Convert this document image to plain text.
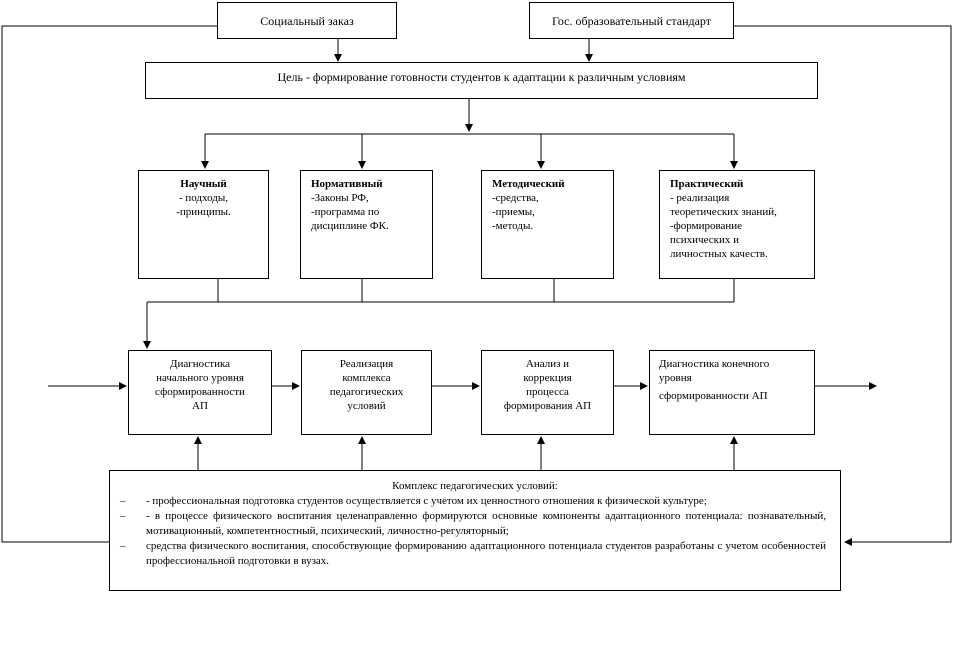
Социальный заказ	Гос. образовательный стандарт
Цель - формирование готовности студентов к адаптации к различным условиям
Научный
- подходы,
-принципы.
Нормативный
-Законы РФ,
-программа по
дисциплине ФК.
Методический
-средства,
-приемы,
-методы.
Практический
- реализация
теоретических знаний,
-формирование
психических и
личностных качеств.
Диагностика
начального уровня
сформированности
АП
Реализация
комплекса
педагогических
условий
Анализ и
коррекция
процесса
формирования АП
Диагностика конечного
уровня
сформированности АП
Комплекс педагогических условий:
– - профессиональная подготовка студентов осуществляется с учетом их ценностного отношения к физической культуре;
– - в процессе физического воспитания целенаправленно формируются основные компоненты адаптационного потенциала: познавательный, мотивационный, компетентностный, психический, личностно-регуляторный;
– средства физического воспитания, способствующие формированию адаптационного потенциала студентов разработаны с учетом особенностей профессиональной подготовки в вузах.
